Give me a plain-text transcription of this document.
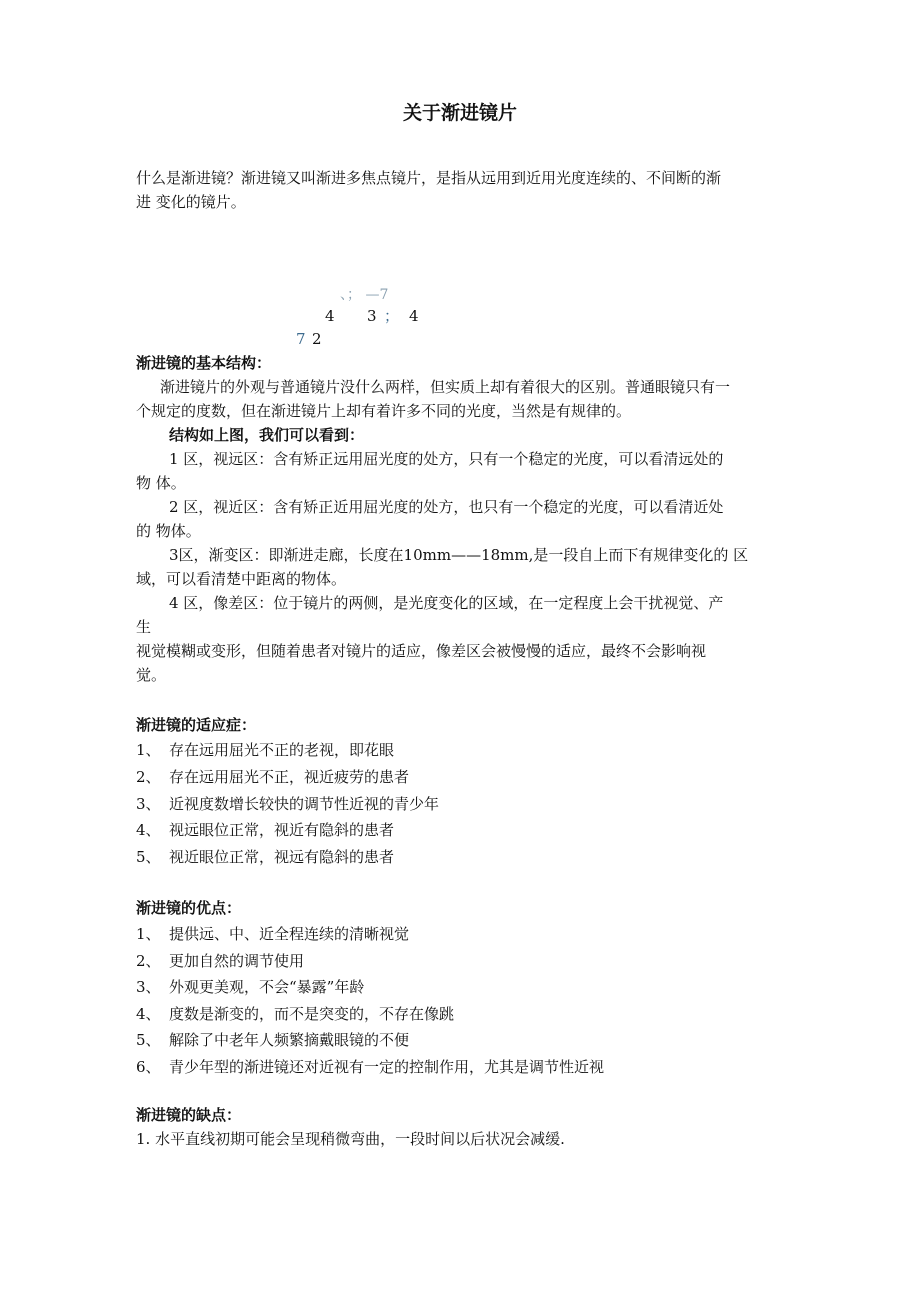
关于渐进镜片
什么是渐进镜？渐进镜又叫渐进多焦点镜片，是指从远用到近用光度连续的、不间断的渐
进 变化的镜片。
、； —7
4 3 ； 4
7 2
渐进镜的基本结构：
渐进镜片的外观与普通镜片没什么两样，但实质上却有着很大的区别。普通眼镜只有一
个规定的度数，但在渐进镜片上却有着许多不同的光度，当然是有规律的。
结构如上图，我们可以看到：
1 区，视远区：含有矫正远用屈光度的处方，只有一个稳定的光度，可以看清远处的
物 体。
2 区，视近区：含有矫正近用屈光度的处方，也只有一个稳定的光度，可以看清近处
的 物体。
3区，渐变区：即渐进走廊，长度在10mm——18mm,是一段自上而下有规律变化的 区
域，可以看清楚中距离的物体。
4 区，像差区：位于镜片的两侧，是光度变化的区域，在一定程度上会干扰视觉、产
生
视觉模糊或变形，但随着患者对镜片的适应，像差区会被慢慢的适应，最终不会影响视
觉。
渐进镜的适应症：
1、 存在远用屈光不正的老视，即花眼
2、 存在远用屈光不正，视近疲劳的患者
3、 近视度数增长较快的调节性近视的青少年
4、 视远眼位正常，视近有隐斜的患者
5、 视近眼位正常，视远有隐斜的患者
渐进镜的优点：
1、 提供远、中、近全程连续的清晰视觉
2、 更加自然的调节使用
3、 外观更美观，不会“暴露”年龄
4、 度数是渐变的，而不是突变的，不存在像跳
5、 解除了中老年人频繁摘戴眼镜的不便
6、 青少年型的渐进镜还对近视有一定的控制作用，尤其是调节性近视
渐进镜的缺点：
1. 水平直线初期可能会呈现稍微弯曲，一段时间以后状况会减缓.
